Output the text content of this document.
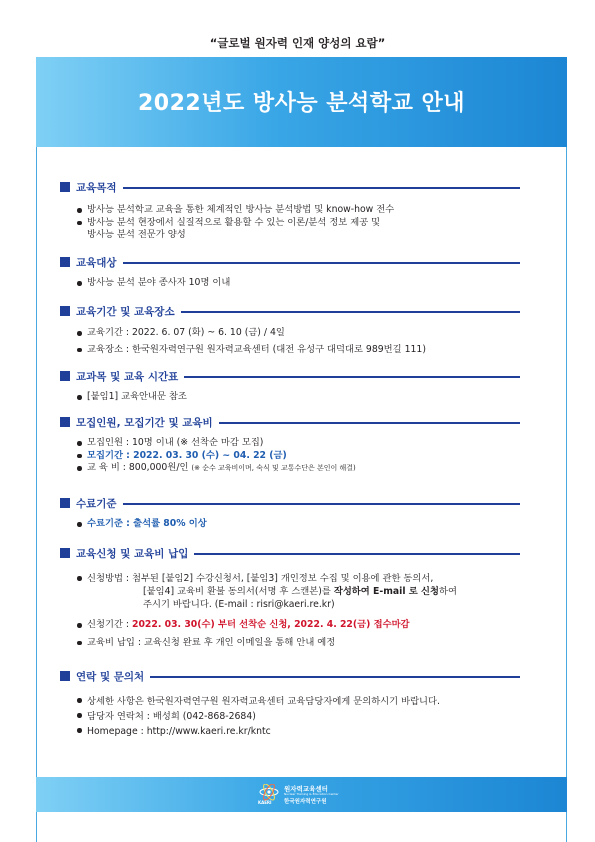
“글로벌 원자력 인재 양성의 요람”
2022년도 방사능 분석학교 안내
교육목적
방사능 분석학교 교육을 통한 체계적인 방사능 분석방법 및 know-how 전수
방사능 분석 현장에서 실질적으로 활용할 수 있는 이론/분석 정보 제공 및
방사능 분석 전문가 양성
교육대상
방사능 분석 분야 종사자 10명 이내
교육기간 및 교육장소
교육기간 : 2022. 6. 07 (화) ~ 6. 10 (금) / 4일
교육장소 : 한국원자력연구원 원자력교육센터 (대전 유성구 대덕대로 989번길 111)
교과목 및 교육 시간표
[붙임1] 교육안내문 참조
모집인원, 모집기간 및 교육비
모집인원 : 10명 이내 (※ 선착순 마감 모집)
모집기간 : 2022. 03. 30 (수) ~ 04. 22 (금)
교 육 비 : 800,000원/인 (※ 순수 교육비이며, 숙식 및 교통수단은 본인이 해결)
수료기준
수료기준 : 출석률 80% 이상
교육신청 및 교육비 납입
신청방법 : 첨부된 [붙임2] 수강신청서, [붙임3] 개인정보 수집 및 이용에 관한 동의서,
[붙임4] 교육비 환불 동의서(서명 후 스캔본)를 작성하여 E-mail 로 신청하여
주시기 바랍니다. (E-mail : risri@kaeri.re.kr)
신청기간 : 2022. 03. 30(수) 부터 선착순 신청, 2022. 4. 22(금) 접수마감
교육비 납입 : 교육신청 완료 후 개인 이메일을 통해 안내 예정
연락 및 문의처
상세한 사항은 한국원자력연구원 원자력교육센터 교육담당자에게 문의하시기 바랍니다.
담당자 연락처 : 배성희 (042-868-2684)
Homepage : http://www.kaeri.re.kr/kntc
KAERI
원자력교육센터
Nuclear Training & Education Center
한국원자력연구원
